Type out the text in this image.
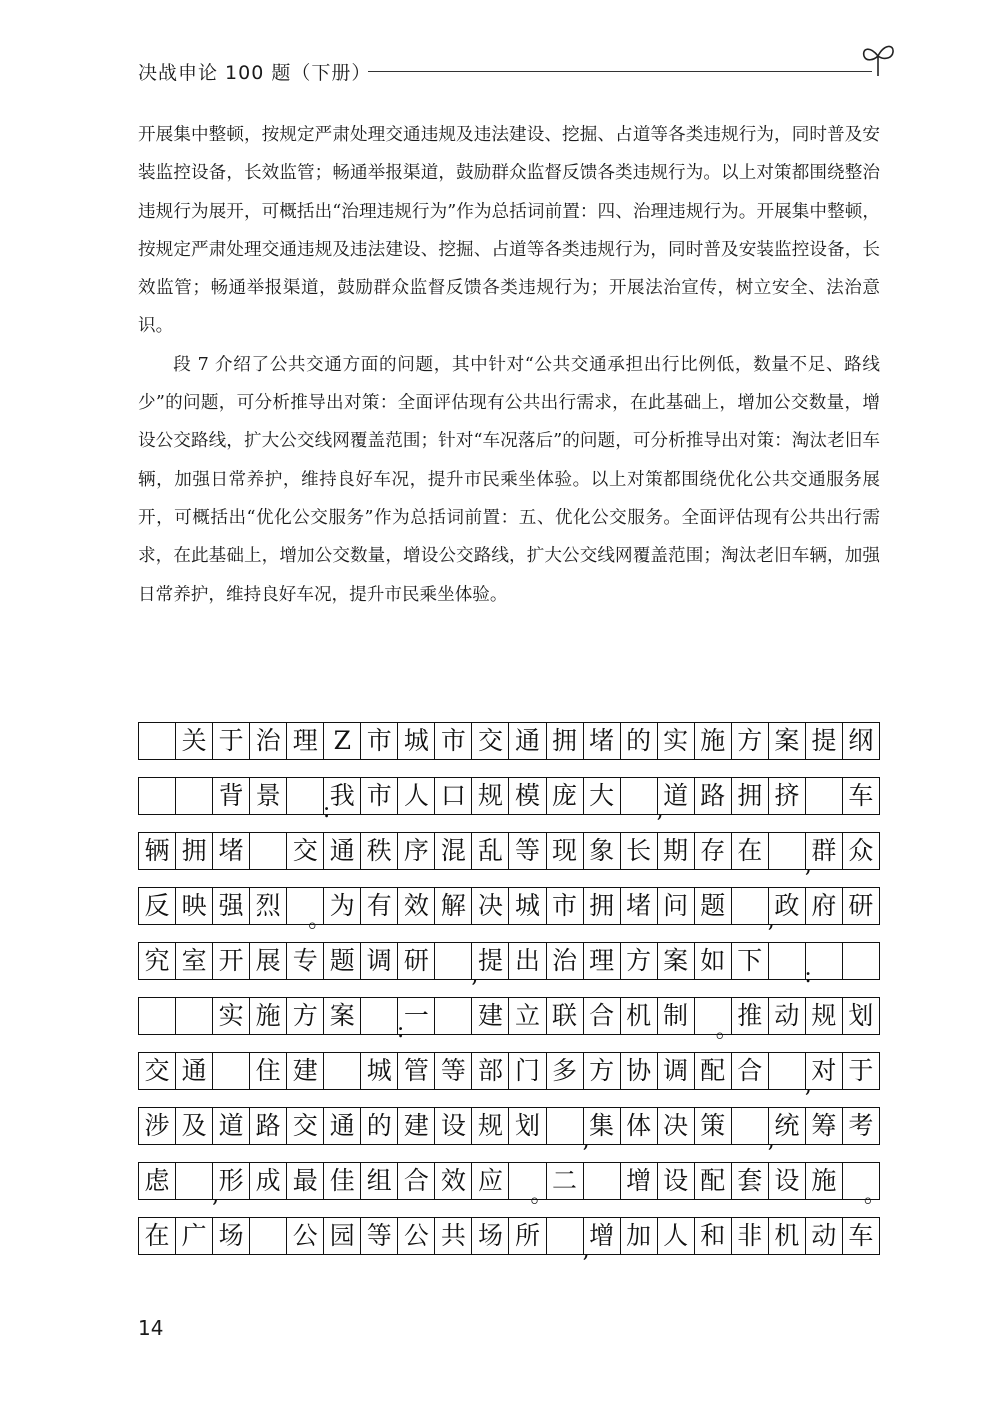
决战申论 100 题（下册）

开展集中整顿，按规定严肃处理交通违规及违法建设、挖掘、占道等各类违规行为，同时普及安装监控设备，长效监管；畅通举报渠道，鼓励群众监督反馈各类违规行为。以上对策都围绕整治违规行为展开，可概括出“治理违规行为”作为总括词前置：四、治理违规行为。开展集中整顿，按规定严肃处理交通违规及违法建设、挖掘、占道等各类违规行为，同时普及安装监控设备，长效监管；畅通举报渠道，鼓励群众监督反馈各类违规行为；开展法治宣传，树立安全、法治意识。

段 7 介绍了公共交通方面的问题，其中针对“公共交通承担出行比例低，数量不足、路线少”的问题，可分析推导出对策：全面评估现有公共出行需求，在此基础上，增加公交数量，增设公交路线，扩大公交线网覆盖范围；针对“车况落后”的问题，可分析推导出对策：淘汰老旧车辆，加强日常养护，维持良好车况，提升市民乘坐体验。以上对策都围绕优化公共交通服务展开，可概括出“优化公交服务”作为总括词前置：五、优化公交服务。全面评估现有公共出行需求，在此基础上，增加公交数量，增设公交路线，扩大公交线网覆盖范围；淘汰老旧车辆，加强日常养护，维持良好车况，提升市民乘坐体验。

关 于 治 理 Z 市 城 市 交 通 拥 堵 的 实 施 方 案 提 纲
背 景
:
我 市 人 口 规 模 庞 大
,
道 路 拥 挤 车
辆 拥 堵 交 通 秩 序 混 乱 等 现 象 长 期 存 在
,
群 众
反 映 强 烈
。
为 有 效 解 决 城 市 拥 堵 问 题
,
政 府 研
究 室 开 展 专 题 调 研
,
提 出 治 理 方 案 如 下
:
实 施 方 案
:
一 建 立 联 合 机 制
。
推 动 规 划
交 通 住 建 城 管 等 部 门 多 方 协 调 配 合
,
对 于
涉 及 道 路 交 通 的 建 设 规 划
,
集 体 决 策
,
统 筹 考
虑
,
形 成 最 佳 组 合 效 应
。
二 增 设 配 套 设 施
。
在 广 场 公 园 等 公 共 场 所
,
增 加 人 和 非 机 动 车
14
